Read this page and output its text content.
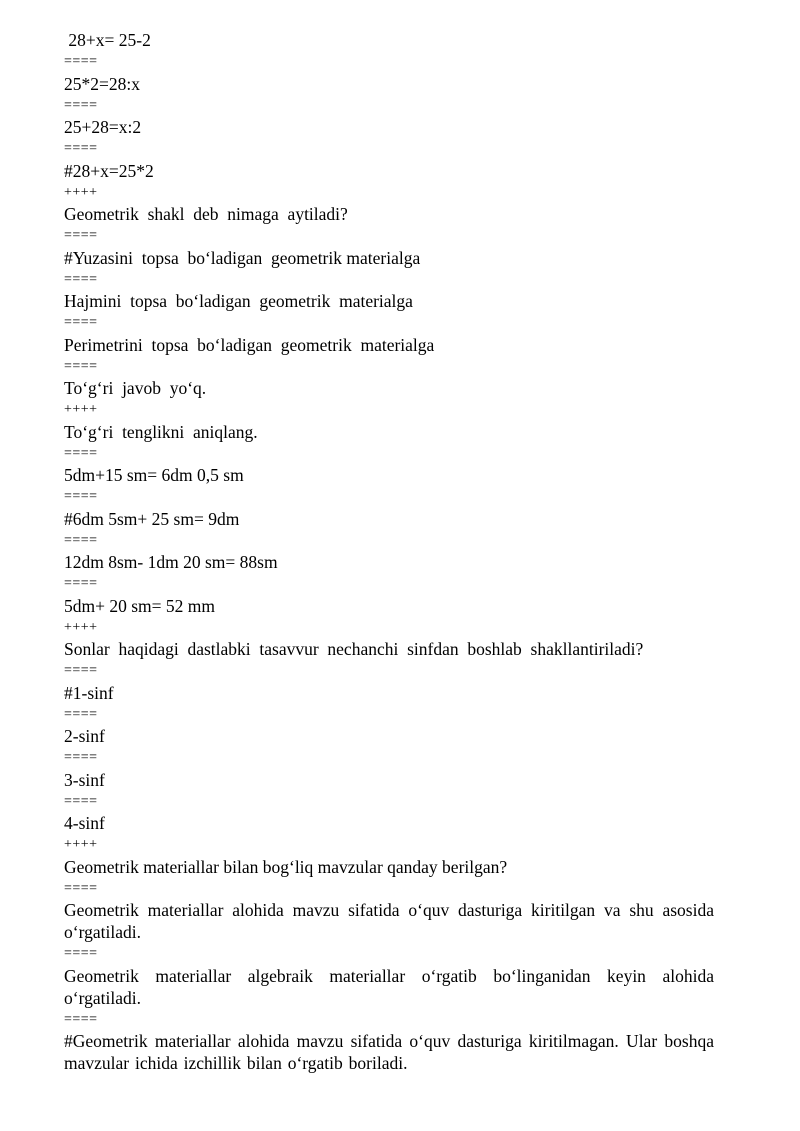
28+x= 25-2
====
25*2=28:x
====
25+28=x:2
====
#28+x=25*2
++++
Geometrik  shakl  deb  nimaga  aytiladi?
====
#Yuzasini  topsa  bo‘ladigan  geometrik materialga
====
Hajmini  topsa  bo‘ladigan  geometrik  materialga
====
Perimetrini  topsa  bo‘ladigan  geometrik  materialga
====
To‘g‘ri  javob  yo‘q.
++++
To‘g‘ri  tenglikni  aniqlang.
====
5dm+15 sm= 6dm 0,5 sm
====
#6dm 5sm+ 25 sm= 9dm
====
12dm 8sm- 1dm 20 sm= 88sm
====
5dm+ 20 sm= 52 mm
++++
Sonlar  haqidagi  dastlabki  tasavvur  nechanchi  sinfdan  boshlab  shakllantiriladi?
====
#1-sinf
====
2-sinf
====
3-sinf
====
4-sinf
++++
Geometrik materiallar bilan bog‘liq mavzular qanday berilgan?
====
Geometrik materiallar alohida mavzu sifatida o‘quv dasturiga kiritilgan va shu asosida o‘rgatiladi.
====
Geometrik materiallar algebraik materiallar o‘rgatib bo‘linganidan keyin alohida o‘rgatiladi.
====
#Geometrik materiallar alohida mavzu sifatida o‘quv dasturiga kiritilmagan. Ular boshqa mavzular ichida izchillik bilan o‘rgatib boriladi.
